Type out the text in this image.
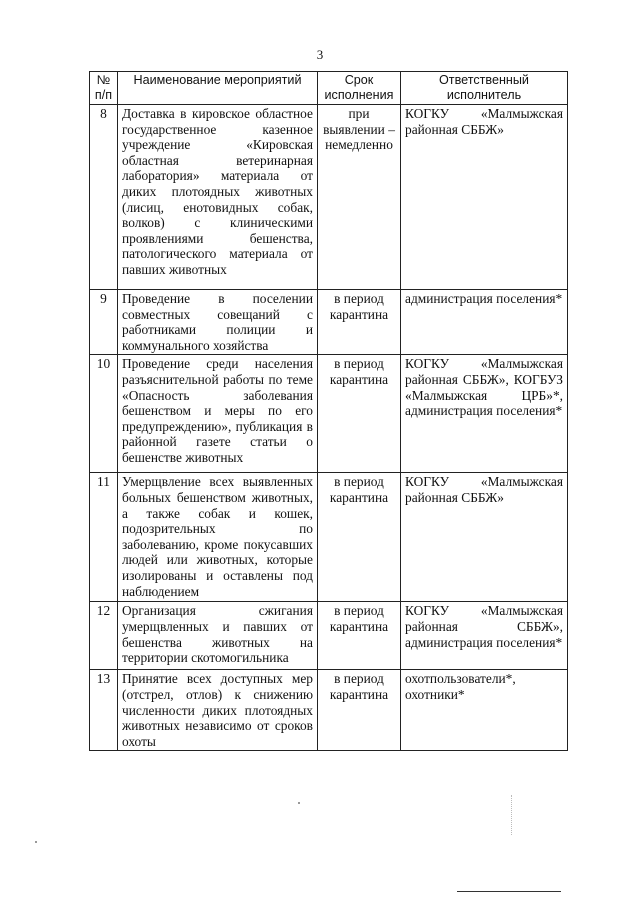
3
№ п/п	Наименование мероприятий	Срок исполнения	Ответственный исполнитель
8	Доставка в кировское областное государственное казенное учреждение «Кировская областная ветеринарная лаборатория» материала от диких плотоядных животных (лисиц, енотовидных собак, волков) с клиническими проявлениями бешенства, патологического материала от павших животных	при выявлении – немедленно	КОГКУ «Малмыжская районная СББЖ»
9	Проведение в поселении совместных совещаний с работниками полиции и коммунального хозяйства	в период карантина	администрация поселения*
10	Проведение среди населения разъяснительной работы по теме «Опасность заболевания бешенством и меры по его предупреждению», публикация в районной газете статьи о бешенстве животных	в период карантина	КОГКУ «Малмыжская районная СББЖ», КОГБУЗ «Малмыжская ЦРБ»*, администрация поселения*
11	Умерщвление всех выявленных больных бешенством животных, а также собак и кошек, подозрительных по заболеванию, кроме покусавших людей или животных, которые изолированы и оставлены под наблюдением	в период карантина	КОГКУ «Малмыжская районная СББЖ»
12	Организация сжигания умерщвленных и павших от бешенства животных на территории скотомогильника	в период карантина	КОГКУ «Малмыжская районная СББЖ», администрация поселения*
13	Принятие всех доступных мер (отстрел, отлов) к снижению численности диких плотоядных животных независимо от сроков охоты	в период карантина	охотпользователи*, охотники*
